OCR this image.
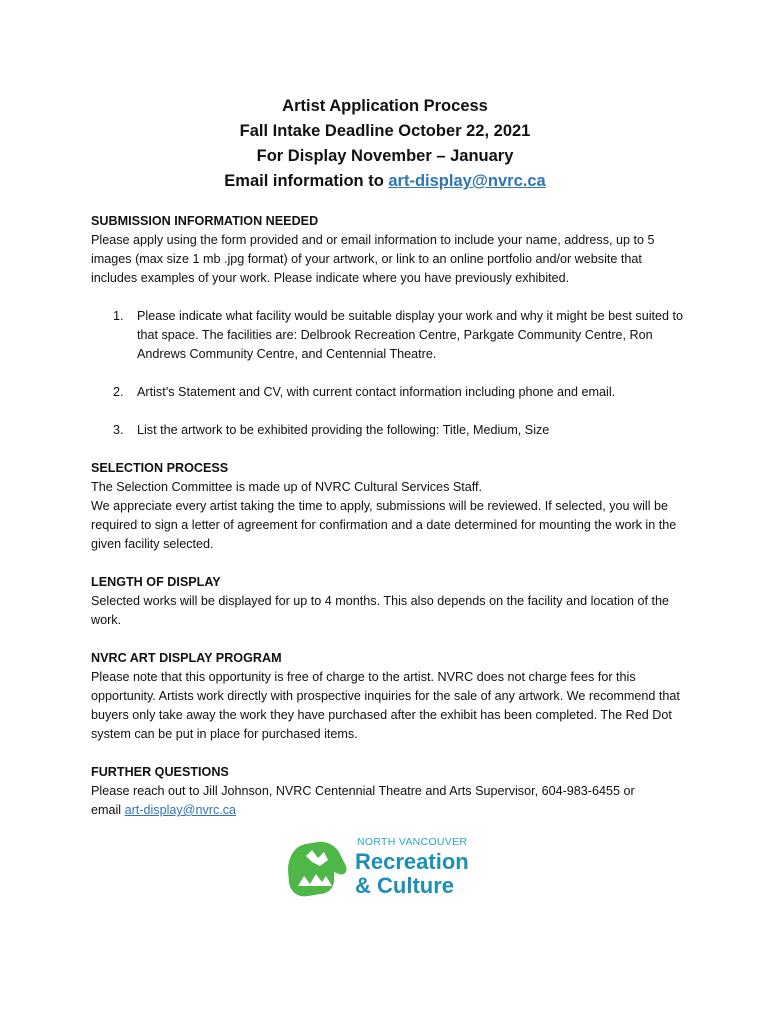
Artist Application Process
Fall Intake Deadline October 22, 2021
For Display November – January
Email information to art-display@nvrc.ca
SUBMISSION INFORMATION NEEDED

Please apply using the form provided and or email information to include your name, address, up to 5 images (max size 1 mb .jpg format) of your artwork, or link to an online portfolio and/or website that includes examples of your work. Please indicate where you have previously exhibited.

1. Please indicate what facility would be suitable display your work and why it might be best suited to that space. The facilities are: Delbrook Recreation Centre, Parkgate Community Centre, Ron Andrews Community Centre, and Centennial Theatre.
2. Artist’s Statement and CV, with current contact information including phone and email.
3. List the artwork to be exhibited providing the following: Title, Medium, Size
SELECTION PROCESS

The Selection Committee is made up of NVRC Cultural Services Staff.

We appreciate every artist taking the time to apply, submissions will be reviewed. If selected, you will be required to sign a letter of agreement for confirmation and a date determined for mounting the work in the given facility selected.

LENGTH OF DISPLAY

Selected works will be displayed for up to 4 months. This also depends on the facility and location of the work.

NVRC ART DISPLAY PROGRAM

Please note that this opportunity is free of charge to the artist. NVRC does not charge fees for this opportunity. Artists work directly with prospective inquiries for the sale of any artwork. We recommend that buyers only take away the work they have purchased after the exhibit has been completed. The Red Dot system can be put in place for purchased items.

FURTHER QUESTIONS

Please reach out to Jill Johnson, NVRC Centennial Theatre and Arts Supervisor, 604-983-6455 or

email art-display@nvrc.ca

NORTH VANCOUVER
Recreation
& Culture
